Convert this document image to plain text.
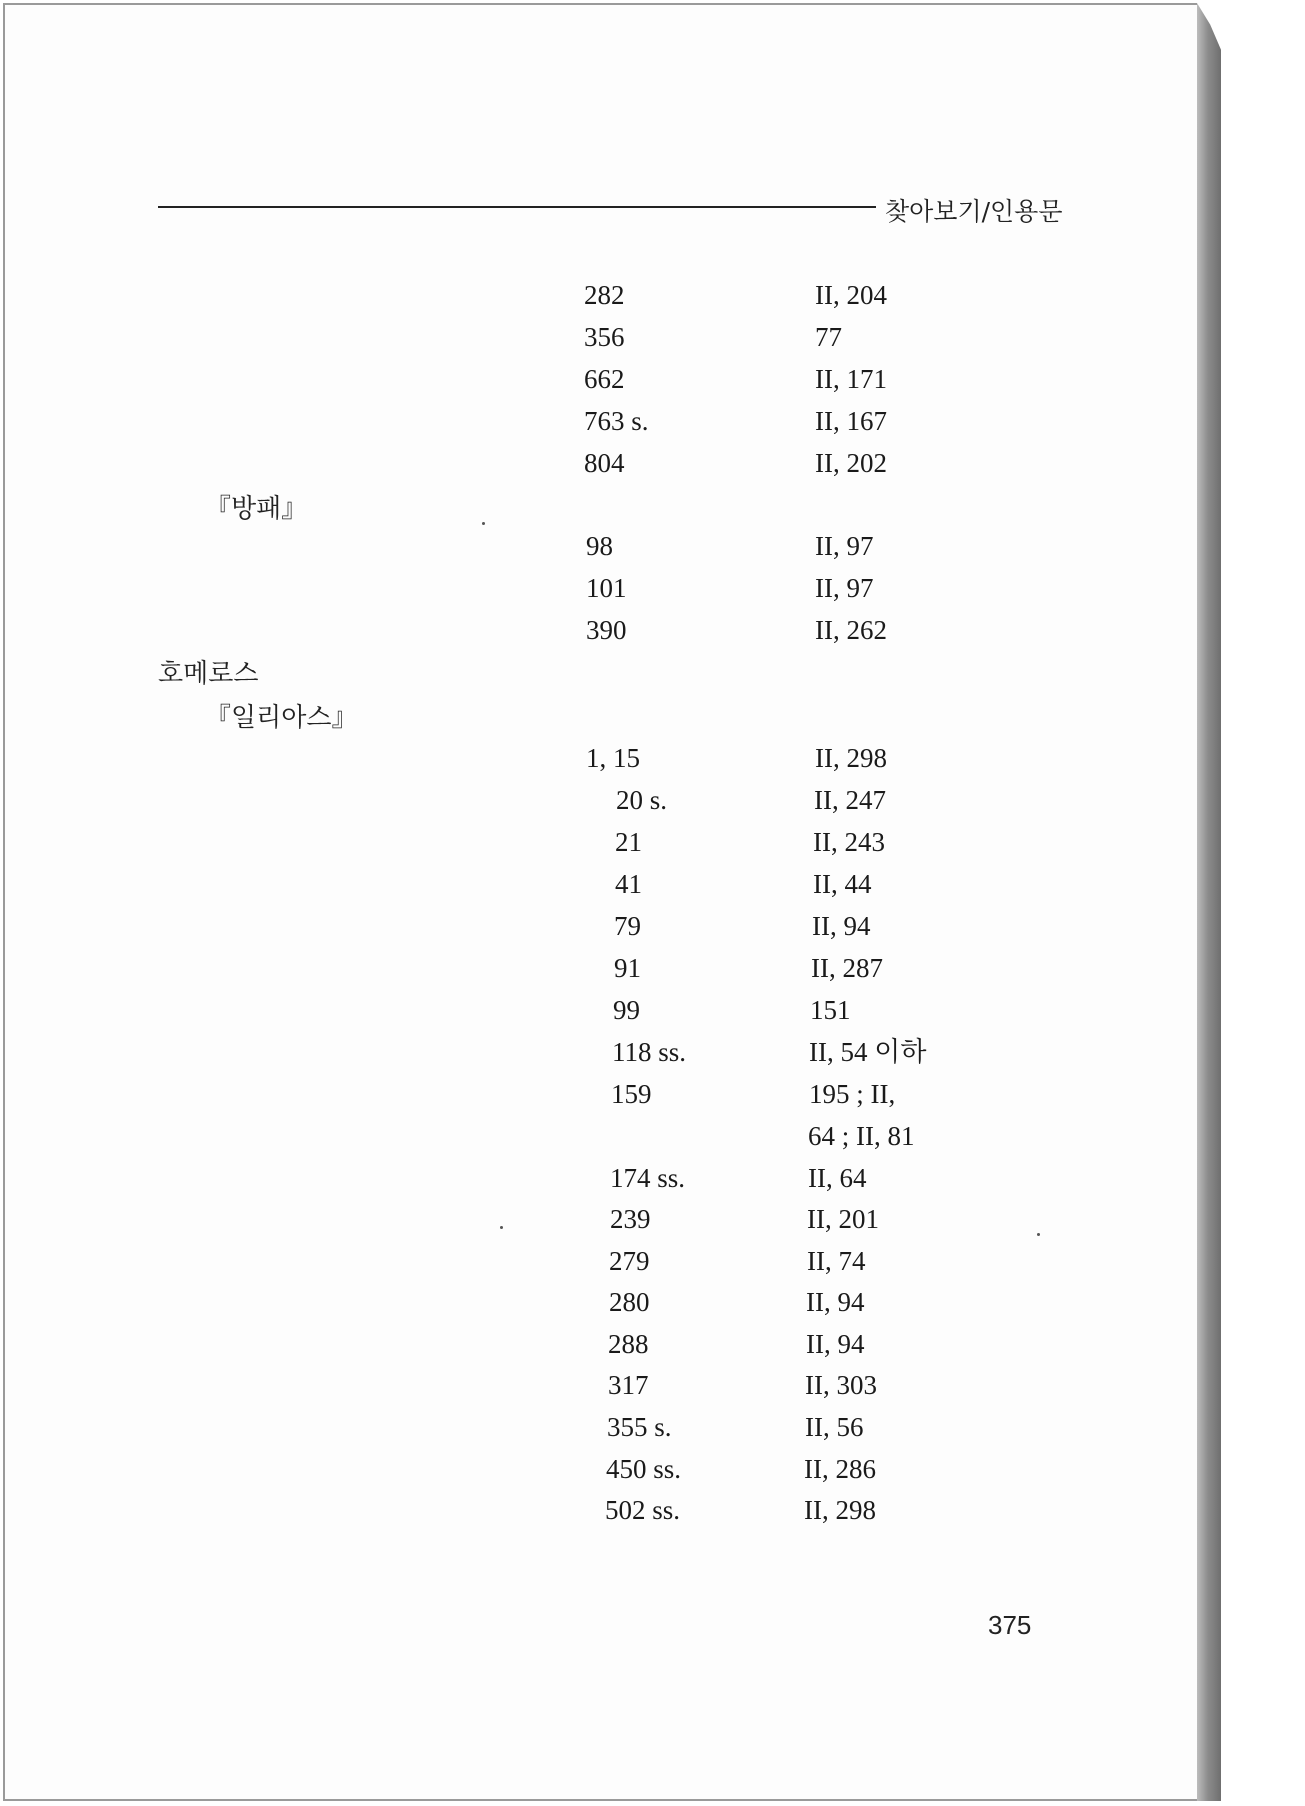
찾아보기/인용문
『방패』
호메로스
『일리아스』
282	II, 204
356	77
662	II, 171
763 s.	II, 167
804	II, 202
98	II, 97
101	II, 97
390	II, 262
1, 15	II, 298
20 s.	II, 247
21	II, 243
41	II, 44
79	II, 94
91	II, 287
99	151
118 ss.	II, 54 이하
159	195 ; II,
64 ; II, 81
174 ss.	II, 64
239	II, 201
279	II, 74
280	II, 94
288	II, 94
317	II, 303
355 s.	II, 56
450 ss.	II, 286
502 ss.	II, 298
375
